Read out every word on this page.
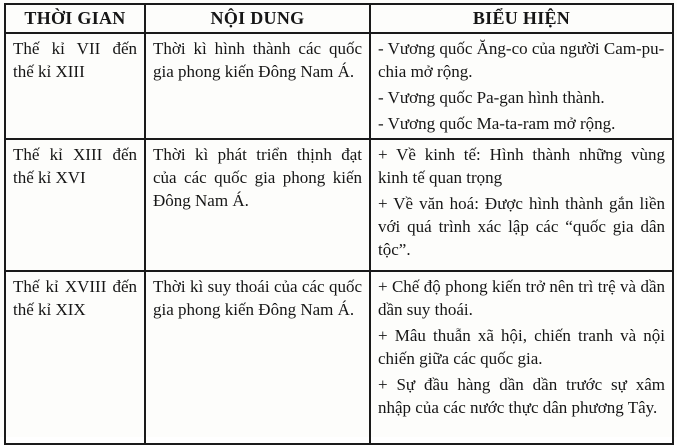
THỜI GIAN	NỘI DUNG	BIỂU HIỆN
Thế kỉ VII đến thế kỉ XIII	Thời kì hình thành các quốc gia phong kiến Đông Nam Á.	- Vương quốc Ăng-co của người Cam-pu-chia mở rộng.
- Vương quốc Pa-gan hình thành.
- Vương quốc Ma-ta-ram mở rộng.

Thế kỉ XIII đến thế kỉ XVI	Thời kì phát triển thịnh đạt của các quốc gia phong kiến Đông Nam Á.	+ Về kinh tế: Hình thành những vùng kinh tế quan trọng
+ Về văn hoá: Được hình thành gắn liền với quá trình xác lập các “quốc gia dân tộc”.

Thế kỉ XVIII đến thế kỉ XIX	Thời kì suy thoái của các quốc gia phong kiến Đông Nam Á.	+ Chế độ phong kiến trở nên trì trệ và dần dần suy thoái.
+ Mâu thuẫn xã hội, chiến tranh và nội chiến giữa các quốc gia.
+ Sự đầu hàng dần dần trước sự xâm nhập của các nước thực dân phương Tây.
